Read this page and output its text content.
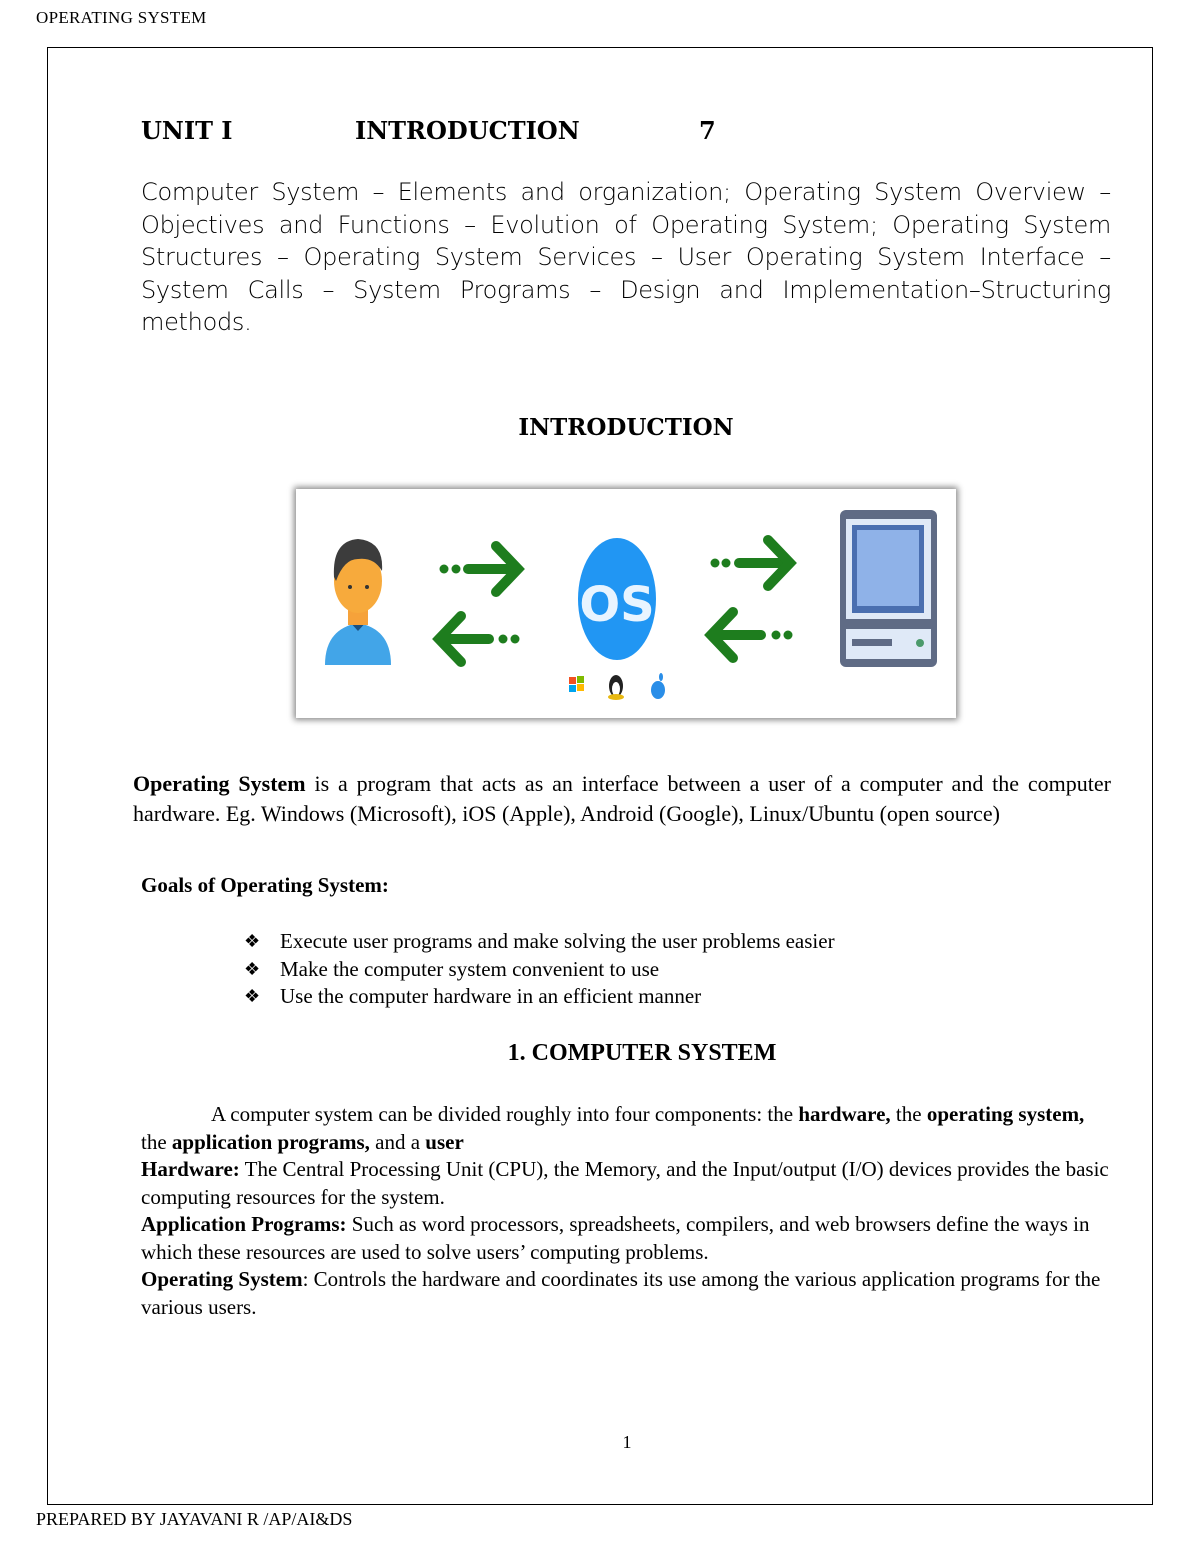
OPERATING SYSTEM
UNIT I	INTRODUCTION	7
Computer System – Elements and organization; Operating System Overview – Objectives and Functions – Evolution of Operating System; Operating System Structures – Operating System Services – User Operating System Interface – System Calls – System Programs – Design and Implementation–Structuring methods.
INTRODUCTION
OS
Operating System is a program that acts as an interface between a user of a computer and the computer hardware. Eg. Windows (Microsoft), iOS (Apple), Android (Google), Linux/Ubuntu (open source)
Goals of Operating System:
❖ Execute user programs and make solving the user problems easier
❖ Make the computer system convenient to use
❖ Use the computer hardware in an efficient manner
1. COMPUTER SYSTEM
A computer system can be divided roughly into four components: the hardware, the operating system, the application programs, and a user
Hardware: The Central Processing Unit (CPU), the Memory, and the Input/output (I/O) devices provides the basic computing resources for the system.
Application Programs: Such as word processors, spreadsheets, compilers, and web browsers define the ways in which these resources are used to solve users’ computing problems.
Operating System: Controls the hardware and coordinates its use among the various application programs for the various users.
1
PREPARED BY JAYAVANI R /AP/AI&DS
